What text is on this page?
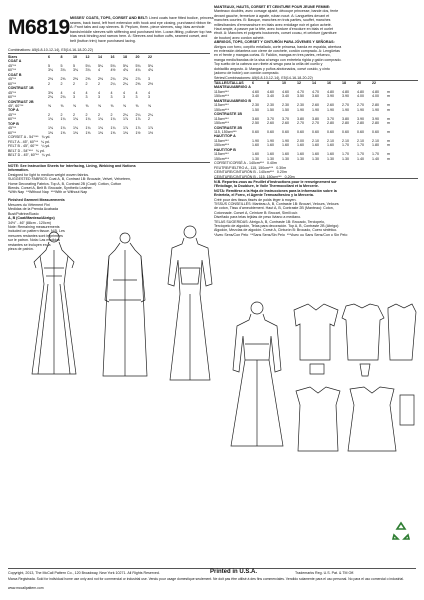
M6819 MISSES' COATS, TOPS, CORSET AND BELT: Lined coats have fitted bodice, princess seams, back band, left front extension with hook and eye closing, purchased ribbon tie. A: Front tabs and cap sleeves. B: Peplum, three- piece sleeves, stay, bias armhole bands/middle sleeves with stiffening and purchased trim. Loose-fitting, pullover top has bias neck binding and narrow hem. A: Sleeves and button cuffs, seamed corset, and belt (button trim) have purchased lacing.
Combinations: A5(6-8-10-12-14), E5(14-16-18-20-22)
Sizes	6	8	10	12	14	16	18	20	22
COAT A
45"**	5	5	5	5¼	5¼	5¾	5¾	5¾	5¾
60"**	3¾	3¾	3¾	3¾	4	4½	4¾	4¾	4¾
COAT B
45"**	2⅜	2⅜	2⅜	2⅜	2⅜	2¾	2¾	2⅞	3
60"**	2	2	2	2	2	2¼	2¼	2⅜	2½
CONTRAST 1B
45"**	3⅝	4	4	4	4	4	4	4	4
60"**	2¾	2¾	3	3	3	3	3	3	3
CONTRAST 2B
45", 60"**	⅝	⅝	⅝	⅝	⅝	⅝	⅝	⅝	⅝
TOP A
45"**	2	2	2	2	2	2	2¼	2¼	2¼
60"**	1¾	1¾	1¾	1¾	1¾	1¾	1⅞	1⅞	2
TOP B
45"**	1¾	1¾	1¾	1¾	1¾	1¾	1⅞	1⅞	1⅞
60"**	1⅜	1⅜	1⅜	1⅜	1⅜	1⅜	1⅜	1½	1½
CORSET A - 54"*** ¾ yd.
FELT A - 45", 60"** ¼ yd.
FELT B - 45", 60"** ¼ yd.
BELT D - 54"*** ¼ yd.
BELT D - 45", 60"** ¼ yd.
NOTE: See Instruction Sheets for Interfacing, Lining, Webbing and Notions
Information.
Designed for light to medium weight woven fabrics.
SUGGESTED FABRICS: Coat A, B, Contrast 1B: Brocade, Velvet, Velveteen,
Home Decorating Fabrics. Top A, B, Contrast 2B (Coat): Cotton, Cotton
Blends. Corset A, Belt B: Brocade, Synthetic Leather.
*With Nap  **Without Nap  ***With or Without Nap
Finished Garment Measurements
Mesures du Vêtement Fini
Medidas de la Prenda Acabada
Bust/Poitrine/Busto
A, B (Coat/Manteau/Abrigo)
34½" - 46" (88cm - 120cm)
Note: Remaining measurements
included on pattern tissue. N.B. Les
mesures restantes sont imprimées
sur le patron. Nota: Las medidas
restantes se incluyen en la
pieza de patrón.
MANTEAUX, HAUTS, CORSET ET CEINTURE POUR JEUNE FEMME:
Manteaux doublés, avec corsage ajusté, découpe princesse, bande dos, fente
devant gauche, fermeture à agrafe, ruban noué. A: Languettes devant et
manches courtes. B: Basque, manches en trois parties, souffet, manches
milles/bandes d'emmanchure en biais avec entoilage noir et galon acheté.
Haut ample, à passer par la tête, avec bordure d'encolure en biais et ourlet
étroit. A: Manches et poignets boutonnés, corset cousu, et ceinture (garniture
de bouton) avec cordon acheté.
ABRIGOS, TOPS, CORSET Y CINTURÓN PARA JÓVENES Y SEÑORAS:
Abrigos con forro, corpiño entallado, corte princesa, banda en espalda, abertura
en extensión delantera con cierre de corchete, cordón comprado. A: Lengüetas
en el frente y mangas cortas. B: Faldón, mangas en tres partes, refuerzo,
manga medio/bandas de la sisa al sesgo con entretela rígida y galón comprado.
Top suelto de la cabeza con ribete al sesgo para la orilla del cuello y
dobladillo angosto. A: Mangas y puños abotonados, corsé cosido, y cinto
(adorno de botón) con cordón comprado.
Séries/Combinaciones: A5(6-8-10-12-14), E5(14-16-18-20-22)
TAILLES/TALLAS	6	8	10	12	14	16	18	20	22
MANTEAU/ABRIGO A
115cm***	4.60	4.60	4.60	4.70	4.70	4.80	4.80	4.80	4.80	m
150cm***	3.40	3.40	3.40	3.50	3.60	3.90	3.90	4.00	4.00	m
MANTEAU/ABRIGO B
115cm***	2.30	2.30	2.30	2.30	2.60	2.60	2.70	2.70	2.80	m
150cm***	1.50	1.50	1.50	1.90	1.90	1.90	1.90	1.90	1.90	m
CONTRASTE 1B
115cm***	3.60	3.70	3.70	3.80	3.80	3.70	3.80	3.90	3.90	m
150cm***	2.50	2.60	2.60	2.70	2.70	2.80	2.80	2.80	2.80	m
CONTRASTE 2B
115, 150cm***	0.60	0.60	0.60	0.60	0.60	0.60	0.60	0.60	0.60	m
HAUT/TOP A
115cm***	1.90	1.90	1.90	2.00	2.10	2.10	2.10	2.10	2.10	m
150cm***	1.60	1.60	1.60	1.60	1.60	1.60	1.70	1.70	1.80	m
HAUT/TOP B
115cm***	1.60	1.60	1.60	1.60	1.60	1.60	1.70	1.70	1.70	m
150cm***	1.30	1.30	1.30	1.30	1.30	1.30	1.30	1.40	1.40	m
CORSET/CORSÉ A - 140cm*** 0.40m
FEUTRE/FIELTRO A - 115, 150cm*** 0.30m
CEINTURE/CINTURÓN B - 140cm*** 0.20m
CEINTURE/CINTURÓN B - 115, 150cm*** 0.20m
N.B. Reportez-vous au Feuillet d'Instructions pour le renseignement sur
l'Entoilage, la Doublure, le Voile Thermocollant et la Mercerie.
NOTA: Remitirse a la Hoja de Instrucciones para la información sobre la
Entretela, el Forro, el Agente Termoadhesivo y la Mercería.
Créé pour des tissus tissés de poids léger à moyen.
TISSUS CONSEILLÉS: Manteau A, B, Contraste 1B: Brocart, Velours, Velours
de coton, Tissu d'ameublement. Haut A, B, Contraste 2B (Manteau): Coton,
Cotonnade. Corset A, Ceinture B: Brocart, Simili cuir.
Diseñado para telas tejidas de peso liviano a mediano.
TELAS SUGERIDAS: Abrigo A, B, Contraste 1B: Brocado, Terciopelo,
Terciopelo de algodón, Telas para decoración. Top A, B, Contraste 2B (Abrigo):
Algodón, Mezclas de algodón. Corsé A, Cinturón B: Brocado, Cuero sintético.
*Avec Sens/Con Pelo  **Sans Sens/Sin Pelo  ***Avec ou Sans Sens/Con o Sin Pelo
Copyright, 2013, The McCall Pattern Co., 120 Broadway, New York 10271. All Rights Reserved.	Printed in U.S.A.	Trademarks Reg. U.S. Pat. & TM Off.
Marca Registrada. Sold for individual home use only and not for commercial or industrial use. Vendu pour usage domestique seulement. Ne doit pas être utilisé à des fins commerciales. Vendido solamente para el uso personal. No para el uso comercial o industrial.
www.mccallpattern.com
